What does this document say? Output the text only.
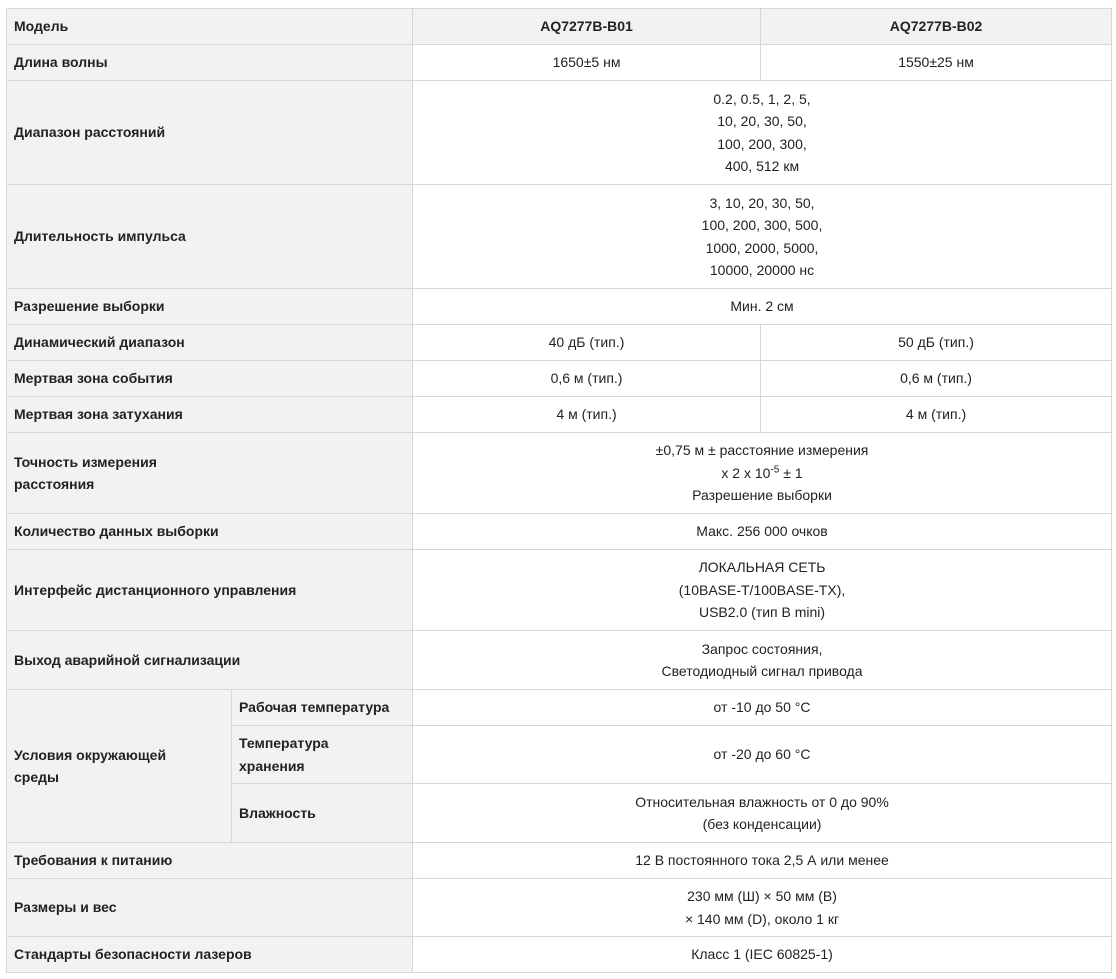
Модель		AQ7277B-B01	AQ7277B-B02
Длина волны		1650±5 нм	1550±25 нм
Диапазон расстояний		0.2, 0.5, 1, 2, 5,
10, 20, 30, 50,
100, 200, 300,
400, 512 км	

Длительность импульса		3, 10, 20, 30, 50,
100, 200, 300, 500,
1000, 2000, 5000,
10000, 20000 нс	

Разрешение выборки		Мин. 2 см	
Динамический диапазон		40 дБ (тип.)	50 дБ (тип.)
Мертвая зона события		0,6 м (тип.)	0,6 м (тип.)
Мертвая зона затухания		4 м (тип.)	4 м (тип.)

Точность измерения
расстояния		±0,75 м ± расстояние измерения
x 2 x $10^{-5} \pm 1$
Разрешение выборки	

Количество данных выборки		Макс. 256 000 очков	
Интерфейс дистанционного управления		ЛОКАЛЬНАЯ СЕТЬ
(10BASE-T/100BASE-TX),
USB2.0 (тип B mini)	

Выход аварийной сигнализации		Запрос состояния,
Светодиодный сигнал привода	

Условия окружающей
среды	Рабочая температура	от -10 до 50 °C	

	Температура
хранения	от -20 до 60 °C	
	Влажность	Относительная влажность от 0 до 90%
(без конденсации)	

Требования к питанию		12 В постоянного тока 2,5 А или менее	
Размеры и вес		230 мм (Ш) × 50 мм (В)
× 140 мм (D), около 1 кг	

Стандарты безопасности лазеров		Класс 1 (IEC 60825-1)	
